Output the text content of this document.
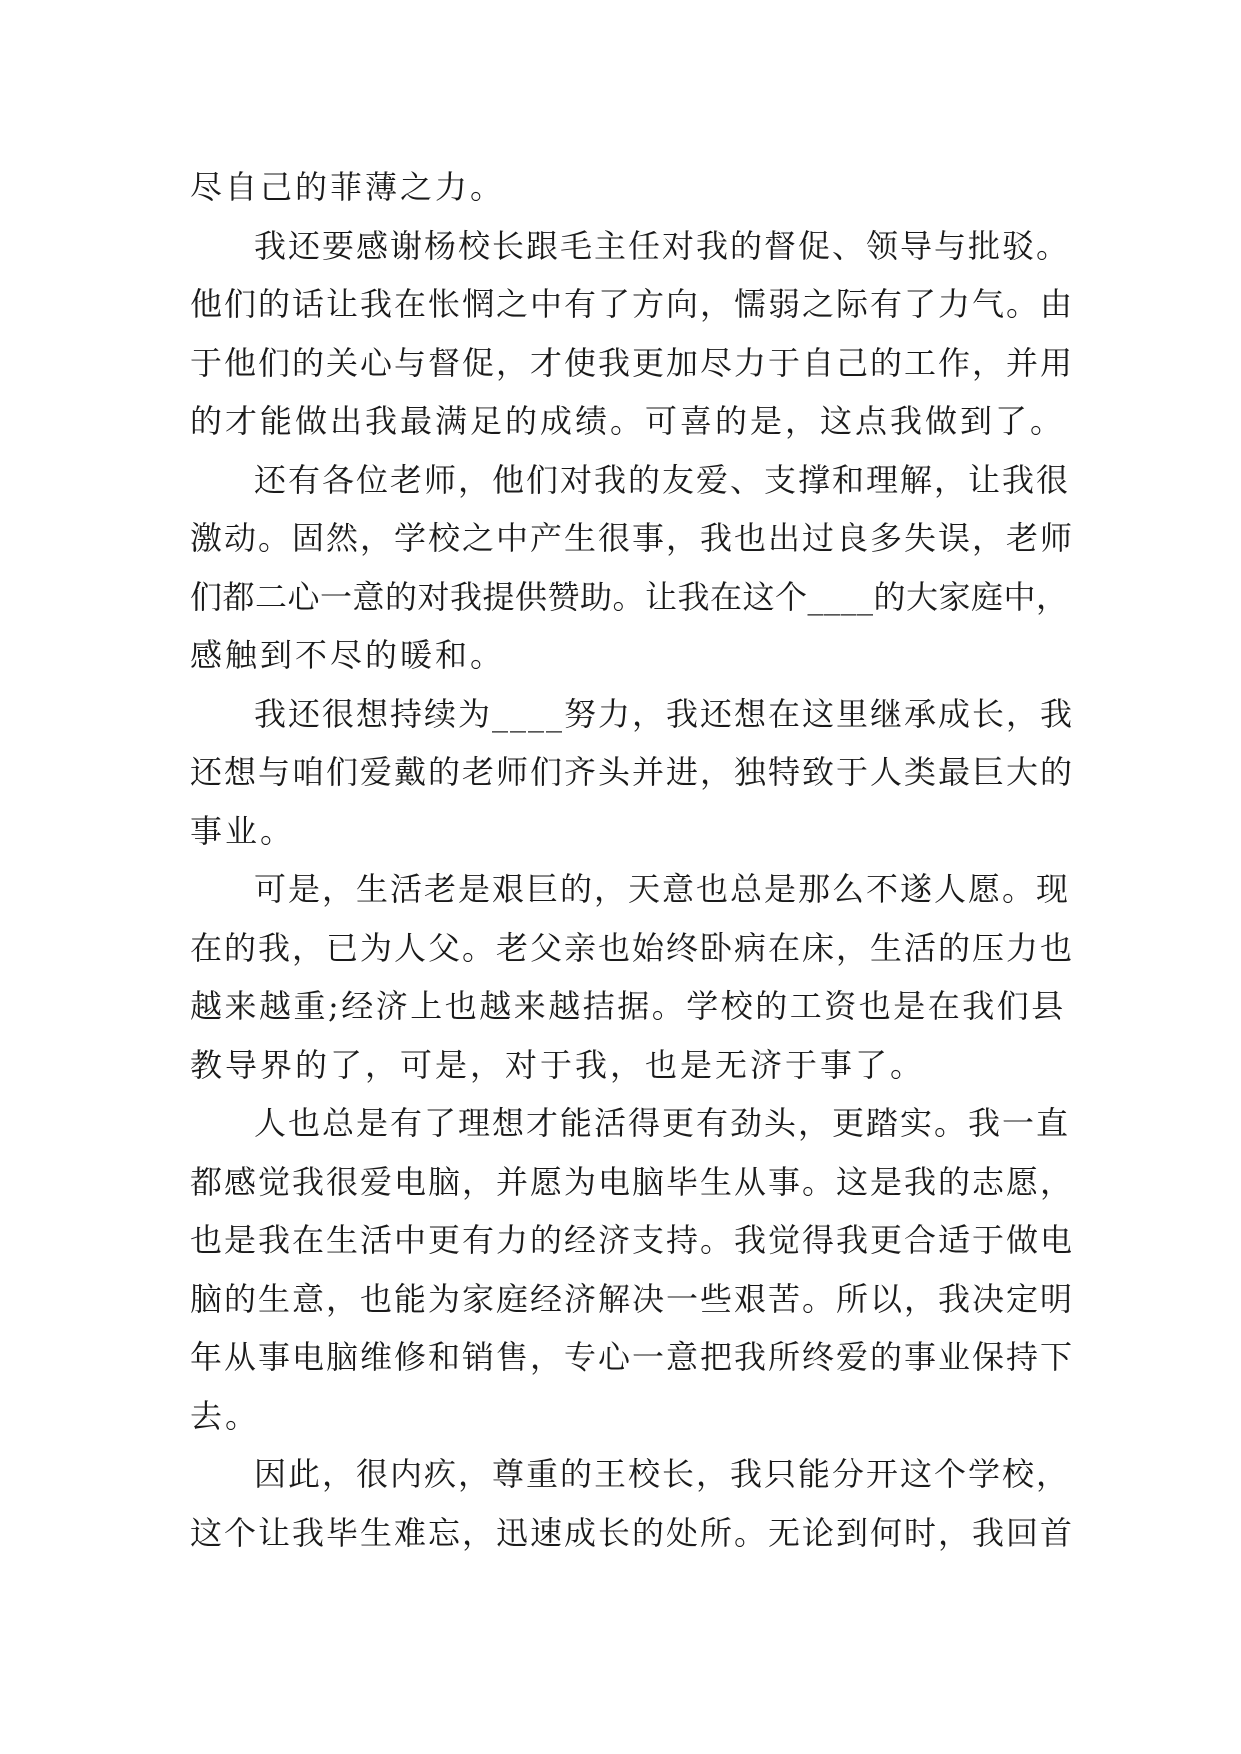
尽自己的菲薄之力。
我还要感谢杨校长跟毛主任对我的督促、领导与批驳。
他们的话让我在怅惘之中有了方向，懦弱之际有了力气。由
于他们的关心与督促，才使我更加尽力于自己的工作，并用
的才能做出我最满足的成绩。可喜的是，这点我做到了。
还有各位老师，他们对我的友爱、支撑和理解，让我很
激动。固然，学校之中产生很事，我也出过良多失误，老师
们都二心一意的对我提供赞助。让我在这个____的大家庭中，
感触到不尽的暖和。
我还很想持续为____努力，我还想在这里继承成长，我
还想与咱们爱戴的老师们齐头并进，独特致于人类最巨大的
事业。
可是，生活老是艰巨的，天意也总是那么不遂人愿。现
在的我，已为人父。老父亲也始终卧病在床，生活的压力也
越来越重;经济上也越来越拮据。学校的工资也是在我们县
教导界的了，可是，对于我，也是无济于事了。
人也总是有了理想才能活得更有劲头，更踏实。我一直
都感觉我很爱电脑，并愿为电脑毕生从事。这是我的志愿，
也是我在生活中更有力的经济支持。我觉得我更合适于做电
脑的生意，也能为家庭经济解决一些艰苦。所以，我决定明
年从事电脑维修和销售，专心一意把我所终爱的事业保持下
去。
因此，很内疚，尊重的王校长，我只能分开这个学校，
这个让我毕生难忘，迅速成长的处所。无论到何时，我回首
